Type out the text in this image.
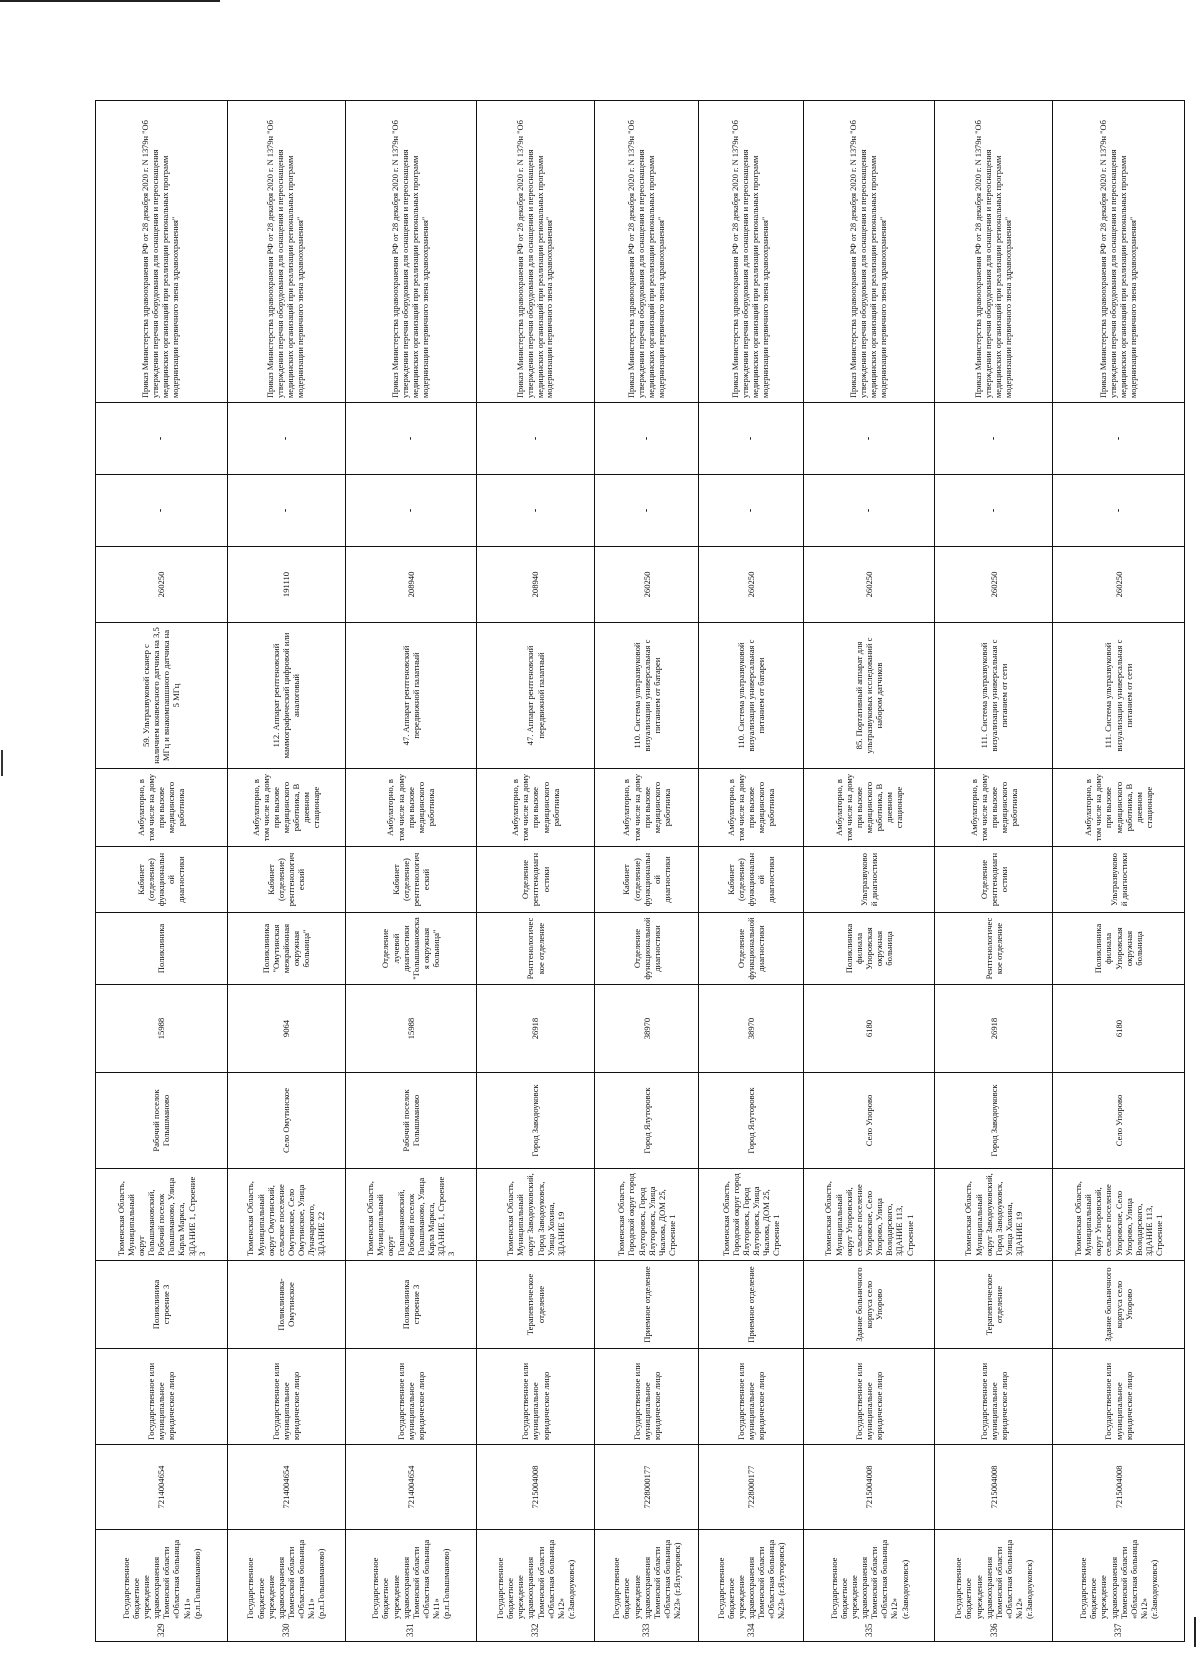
329Государственное бюджетное учреждение здравоохранения Тюменской области «Областная больница №11» (р.п.Голышманово)	7214004654	Государственное или муниципальное юридическое лицо	Поликлиника строение 3	Тюменская Область, Муниципальный округ Голышмановский, Рабочий поселок Голышманово, Улица Карла Маркса, ЗДАНИЕ 1, Строение 3	Рабочий поселок Голышманово	15988	Поликлиника	Кабинет (отделение) функциональной диагностики	Амбулаторно, в том числе на дому при вызове медицинского работника	59. Ультразвуковой сканер с наличием конвексного датчика на 3,5 МГц и внакомпашшного датчика на 5 МГц	260250	-	-	Приказ Министерства здравоохранения РФ от 28 декабря 2020 г. N 1379н "Об утверждении перечня оборудования для оснащения и переоснащения медицинских организаций при реализации региональных программ модернизации первичного звена здравоохранения"
330Государственное бюджетное учреждение здравоохранения Тюменской области «Областная больница №11» (р.п.Голышманово)	7214004654	Государственное или муниципальное юридическое лицо	Поликлиника-Омутинское	Тюменская Область, Муниципальный округ Омутинский, сельское поселение Омутинское, Село Омутинское, Улица Луначарского, ЗДАНИЕ 22	Село Омутинское	9064	Поликлиника "Омутинская межрайонная окружная больница"	Кабинет (отделение) рентгенологический	Амбулаторно, в том числе на дому при вызове медицинского работника, В дневном стационаре	112. Аппарат рентгеновский маммографический цифровой или аналоговый	191110	-	-	Приказ Министерства здравоохранения РФ от 28 декабря 2020 г. N 1379н "Об утверждении перечня оборудования для оснащения и переоснащения медицинских организаций при реализации региональных программ модернизации первичного звена здравоохранения"
331Государственное бюджетное учреждение здравоохранения Тюменской области «Областная больница №11» (р.п.Голышманово)	7214004654	Государственное или муниципальное юридическое лицо	Поликлиника строение 3	Тюменская Область, Муниципальный округ Голышмановский, Рабочий поселок Голышманово, Улица Карла Маркса, ЗДАНИЕ 1, Строение 3	Рабочий поселок Голышманово	15988	Отделение лучевой диагностики "Голышмановская окружная больница"	Кабинет (отделение) рентгенологический	Амбулаторно, в том числе на дому при вызове медицинского работника	47. Аппарат рентгеновский передвижной палатный	208940	-	-	Приказ Министерства здравоохранения РФ от 28 декабря 2020 г. N 1379н "Об утверждении перечня оборудования для оснащения и переоснащения медицинских организаций при реализации региональных программ модернизации первичного звена здравоохранения"
332Государственное бюджетное учреждение здравоохранения Тюменской области «Областная больница №12» (г.Заводоуковск)	7215004008	Государственное или муниципальное юридическое лицо	Терапевтическое отделение	Тюменская Область, Муниципальный округ Заводоуковский, Город Заводоуковск, Улица Хохина, ЗДАНИЕ 19	Город Заводоуковск	26918	Рентгенологическое отделение	Отделение рентгенодиагностики	Амбулаторно, в том числе на дому при вызове медицинского работника	47. Аппарат рентгеновский передвижной палатный	208940	-	-	Приказ Министерства здравоохранения РФ от 28 декабря 2020 г. N 1379н "Об утверждении перечня оборудования для оснащения и переоснащения медицинских организаций при реализации региональных программ модернизации первичного звена здравоохранения"
333Государственное бюджетное учреждение здравоохранения Тюменской области «Областная больница №23» (г.Ялуторовск)	7228000177	Государственное или муниципальное юридическое лицо	Приемное отделение	Тюменская Область, Городской округ город Ялуторовск, Город Ялуторовск, Улица Чкалова, ДОМ 25, Строение 1	Город Ялуторовск	38970	Отделение функциональной диагностики	Кабинет (отделение) функциональной диагностики	Амбулаторно, в том числе на дому при вызове медицинского работника	110. Система ультразвуковой визуализации универсальная с питанием от батареи	260250	-	-	Приказ Министерства здравоохранения РФ от 28 декабря 2020 г. N 1379н "Об утверждении перечня оборудования для оснащения и переоснащения медицинских организаций при реализации региональных программ модернизации первичного звена здравоохранения"
334Государственное бюджетное учреждение здравоохранения Тюменской области «Областная больница №23» (г.Ялуторовск)	7228000177	Государственное или муниципальное юридическое лицо	Приемное отделение	Тюменская Область, Городской округ город Ялуторовск, Город Ялуторовск, Улица Чкалова, ДОМ 25, Строение 1	Город Ялуторовск	38970	Отделение функциональной диагностики	Кабинет (отделение) функциональной диагностики	Амбулаторно, в том числе на дому при вызове медицинского работника	110. Система ультразвуковой визуализации универсальная с питанием от батареи	260250	-	-	Приказ Министерства здравоохранения РФ от 28 декабря 2020 г. N 1379н "Об утверждении перечня оборудования для оснащения и переоснащения медицинских организаций при реализации региональных программ модернизации первичного звена здравоохранения"
335Государственное бюджетное учреждение здравоохранения Тюменской области «Областная больница №12» (г.Заводоуковск)	7215004008	Государственное или муниципальное юридическое лицо	Здание больничного корпуса село Упорово	Тюменская Область, Муниципальный округ Упоровский, сельское поселение Упоровское, Село Упорово, Улица Володарского, ЗДАНИЕ 113, Строение 1	Село Упорово	6180	Поликлиника филиала Упоровская окружная больница	Ультразвуковой диагностики	Амбулаторно, в том числе на дому при вызове медицинского работника, В дневном стационаре	85. Портативный аппарат для ультразвуковых исследований с набором датчиков	260250	-	-	Приказ Министерства здравоохранения РФ от 28 декабря 2020 г. N 1379н "Об утверждении перечня оборудования для оснащения и переоснащения медицинских организаций при реализации региональных программ модернизации первичного звена здравоохранения"
336Государственное бюджетное учреждение здравоохранения Тюменской области «Областная больница №12» (г.Заводоуковск)	7215004008	Государственное или муниципальное юридическое лицо	Терапевтическое отделение	Тюменская Область, Муниципальный округ Заводоуковский, Город Заводоуковск, Улица Хохина, ЗДАНИЕ 19	Город Заводоуковск	26918	Рентгенологическое отделение	Отделение рентгенодиагностики	Амбулаторно, в том числе на дому при вызове медицинского работника	111. Система ультразвуковой визуализации универсальная с питанием от сети	260250	-	-	Приказ Министерства здравоохранения РФ от 28 декабря 2020 г. N 1379н "Об утверждении перечня оборудования для оснащения и переоснащения медицинских организаций при реализации региональных программ модернизации первичного звена здравоохранения"
337Государственное бюджетное учреждение здравоохранения Тюменской области «Областная больница №12» (г.Заводоуковск)	7215004008	Государственное или муниципальное юридическое лицо	Здание больничного корпуса село Упорово	Тюменская Область, Муниципальный округ Упоровский, сельское поселение Упоровское, Село Упорово, Улица Володарского, ЗДАНИЕ 113, Строение 1	Село Упорово	6180	Поликлиника филиала Упоровская окружная больница	Ультразвуковой диагностики	Амбулаторно, в том числе на дому при вызове медицинского работника, В дневном стационаре	111. Система ультразвуковой визуализации универсальная с питанием от сети	260250	-	-	Приказ Министерства здравоохранения РФ от 28 декабря 2020 г. N 1379н "Об утверждении перечня оборудования для оснащения и переоснащения медицинских организаций при реализации региональных программ модернизации первичного звена здравоохранения"
